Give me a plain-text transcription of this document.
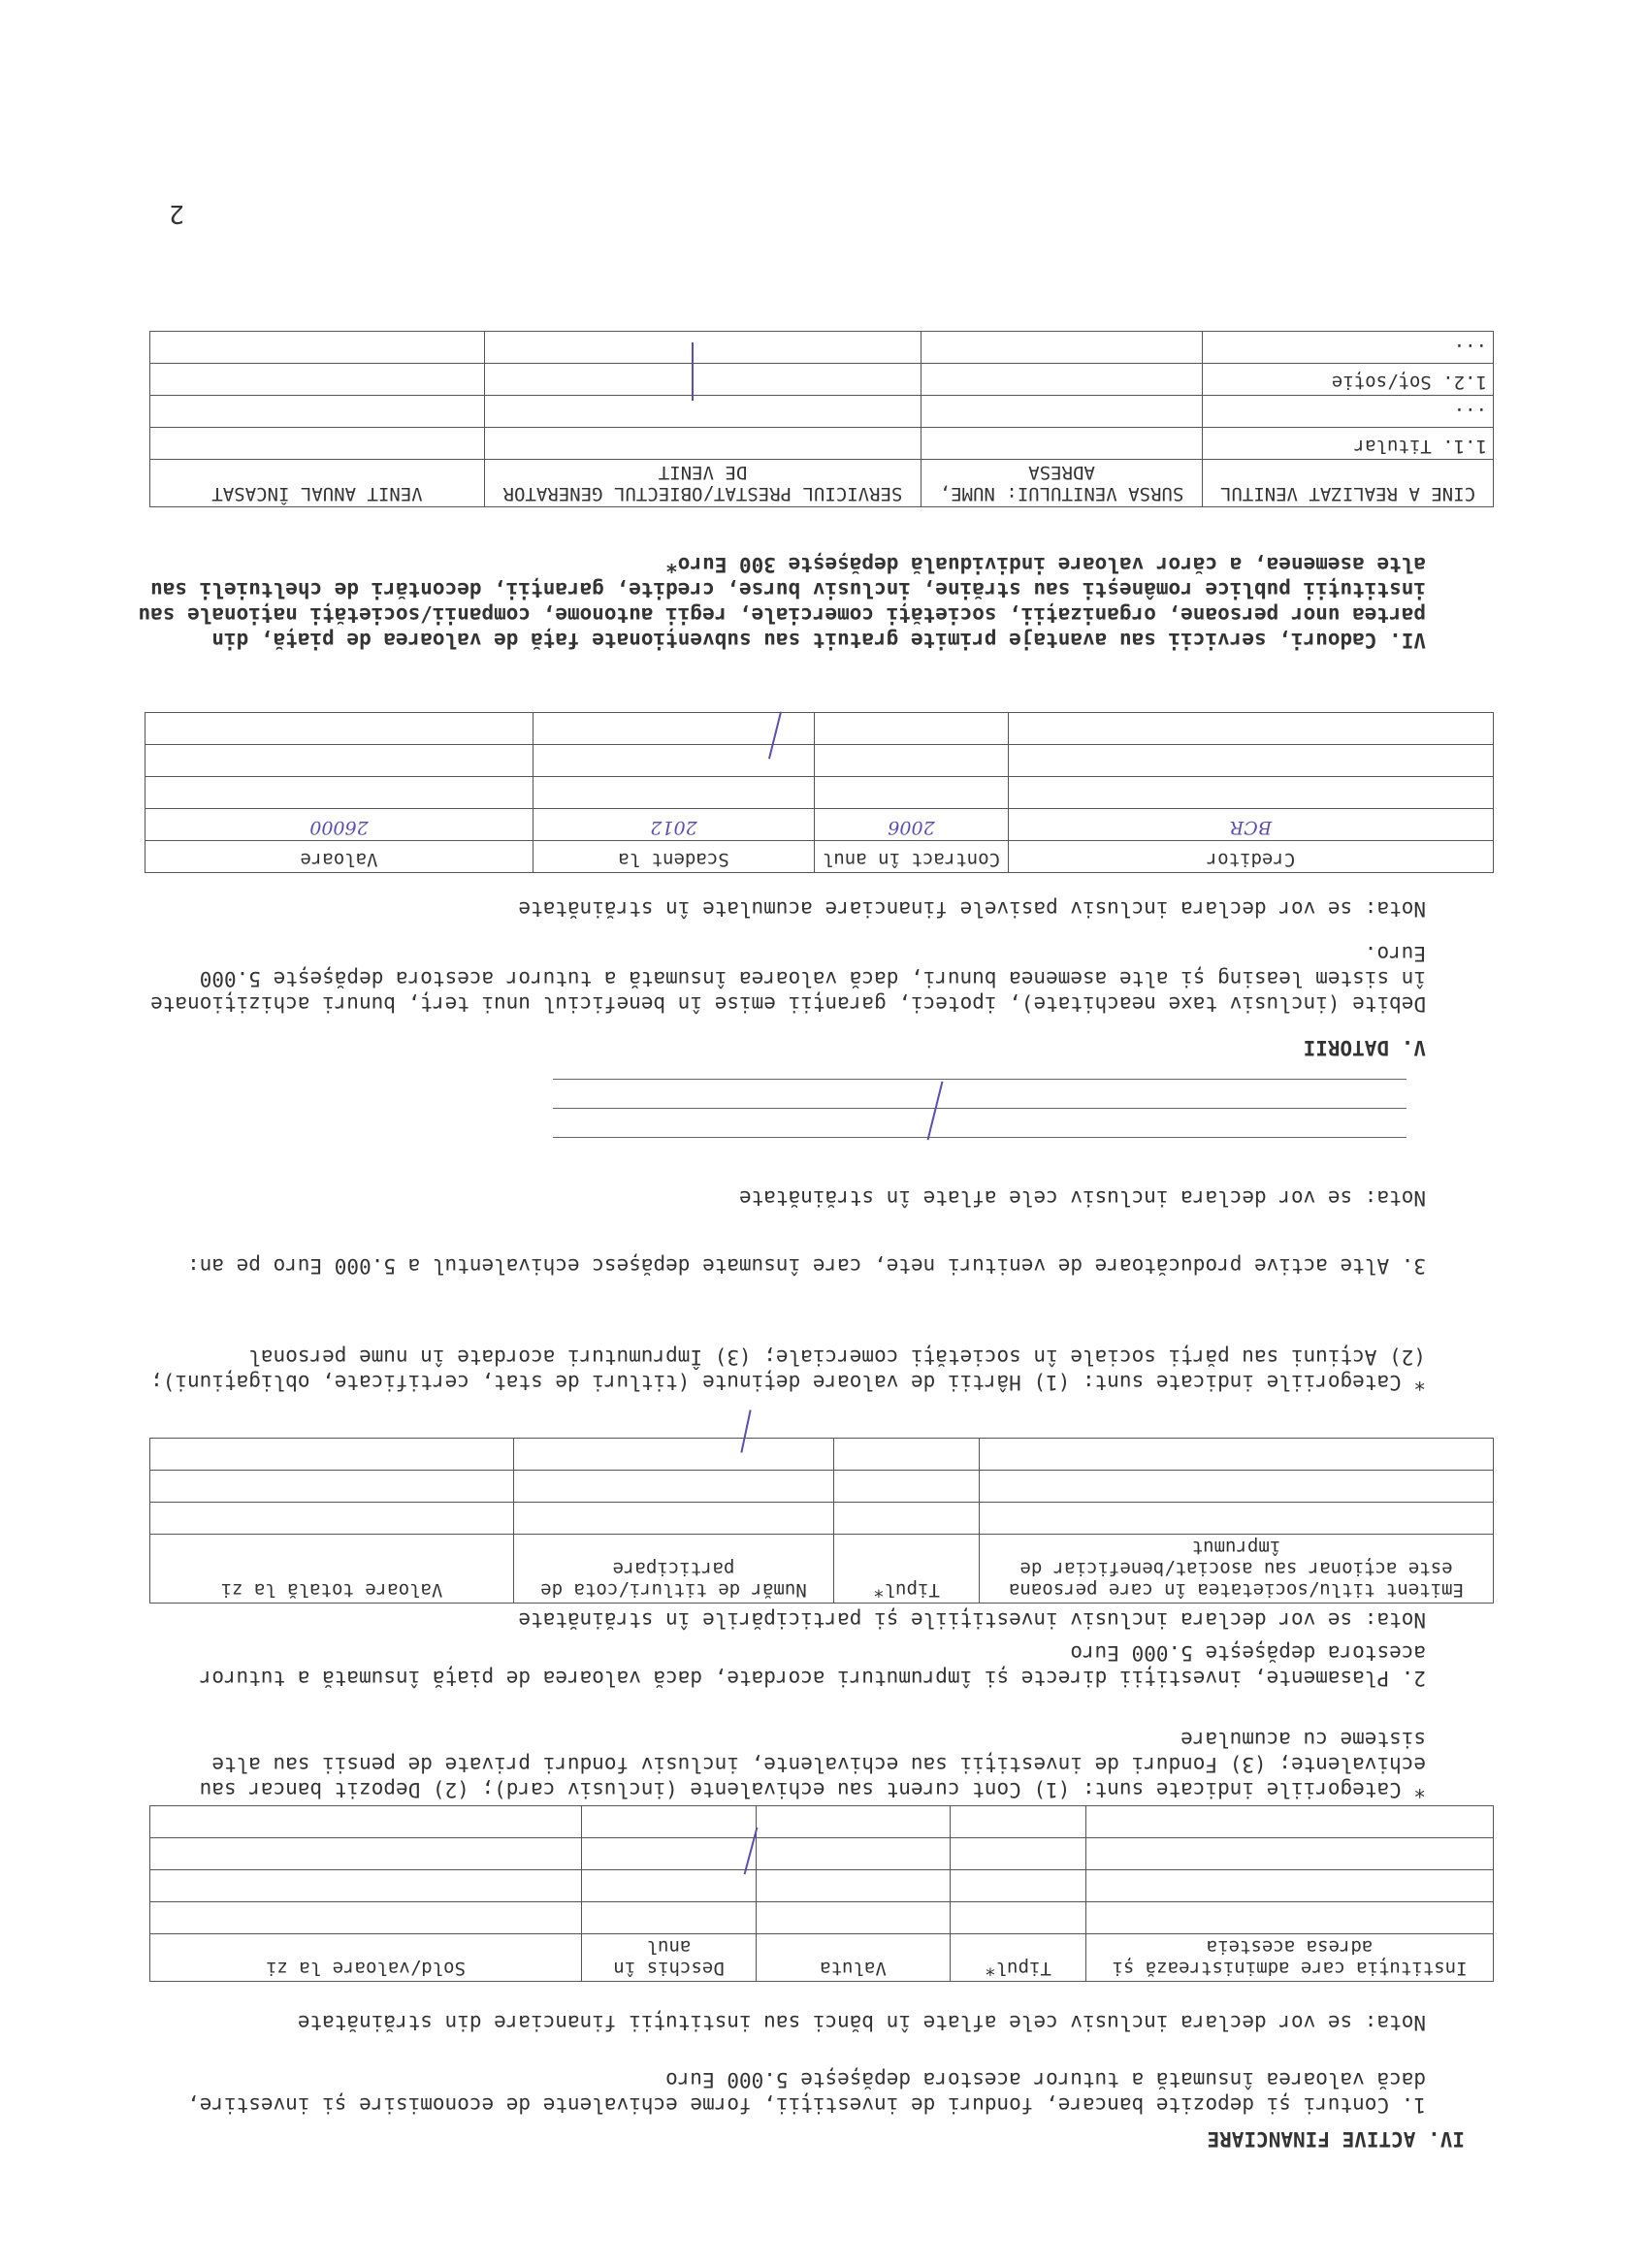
IV. ACTIVE FINANCIARE

1. Conturi și depozite bancare, fonduri de investiții, forme echivalente de economisire și investire, dacă valoarea însumată a tuturor acestora depășește 5.000 Euro

Nota: se vor declara inclusiv cele aflate în bănci sau instituții financiare din străinătate

Instituția care administrează și adresa acesteia	Tipul*	Valuta	Deschis în anul	Sold/valoare la zi

* Categoriile indicate sunt: (1) Cont curent sau echivalente (inclusiv card); (2) Depozit bancar sau echivalente; (3) Fonduri de investiții sau echivalente, inclusiv fonduri private de pensii sau alte sisteme cu acumulare

2. Plasamente, investiții directe și împrumuturi acordate, dacă valoarea de piață însumată a tuturor acestora depășește 5.000 Euro

Nota: se vor declara inclusiv investițiile și participările în străinătate

Emitent titlu/societatea în care persoana este acționar sau asociat/beneficiar de împrumut	Tipul*	Număr de titluri/cota de participare	Valoare totală la zi

* Categoriile indicate sunt: (1) Hârtii de valoare deținute (titluri de stat, certificate, obligațiuni); (2) Acțiuni sau părți sociale în societăți comerciale; (3) Împrumuturi acordate în nume personal

3. Alte active producătoare de venituri nete, care însumate depășesc echivalentul a 5.000 Euro pe an:

Nota: se vor declara inclusiv cele aflate în străinătate

V. DATORII

Debite (inclusiv taxe neachitate), ipoteci, garanții emise în beneficiul unui terț, bunuri achiziționate în sistem leasing și alte asemenea bunuri, dacă valoarea însumată a tuturor acestora depășește 5.000 Euro.

Nota: se vor declara inclusiv pasivele financiare acumulate în străinătate

Creditor	Contract în anul	Scadent la	Valoare
BCR	2006	2012	26000

VI. Cadouri, servicii sau avantaje primite gratuit sau subvenționate față de valoarea de piață, din partea unor persoane, organizații, societăți comerciale, regii autonome, companii/societăți naționale sau instituții publice românești sau străine, inclusiv burse, credite, garanții, decontări de cheltuieli sau alte asemenea, a căror valoare individuală depășește 300 Euro*

CINE A REALIZAT VENITUL	SURSA VENITULUI: NUME, ADRESA	SERVICIUL PRESTAT/OBIECTUL GENERATOR DE VENIT	VENIT ANUAL ÎNCASAT
1.1. Titular			
...			
1.2. Soț/soție			
...			

2
